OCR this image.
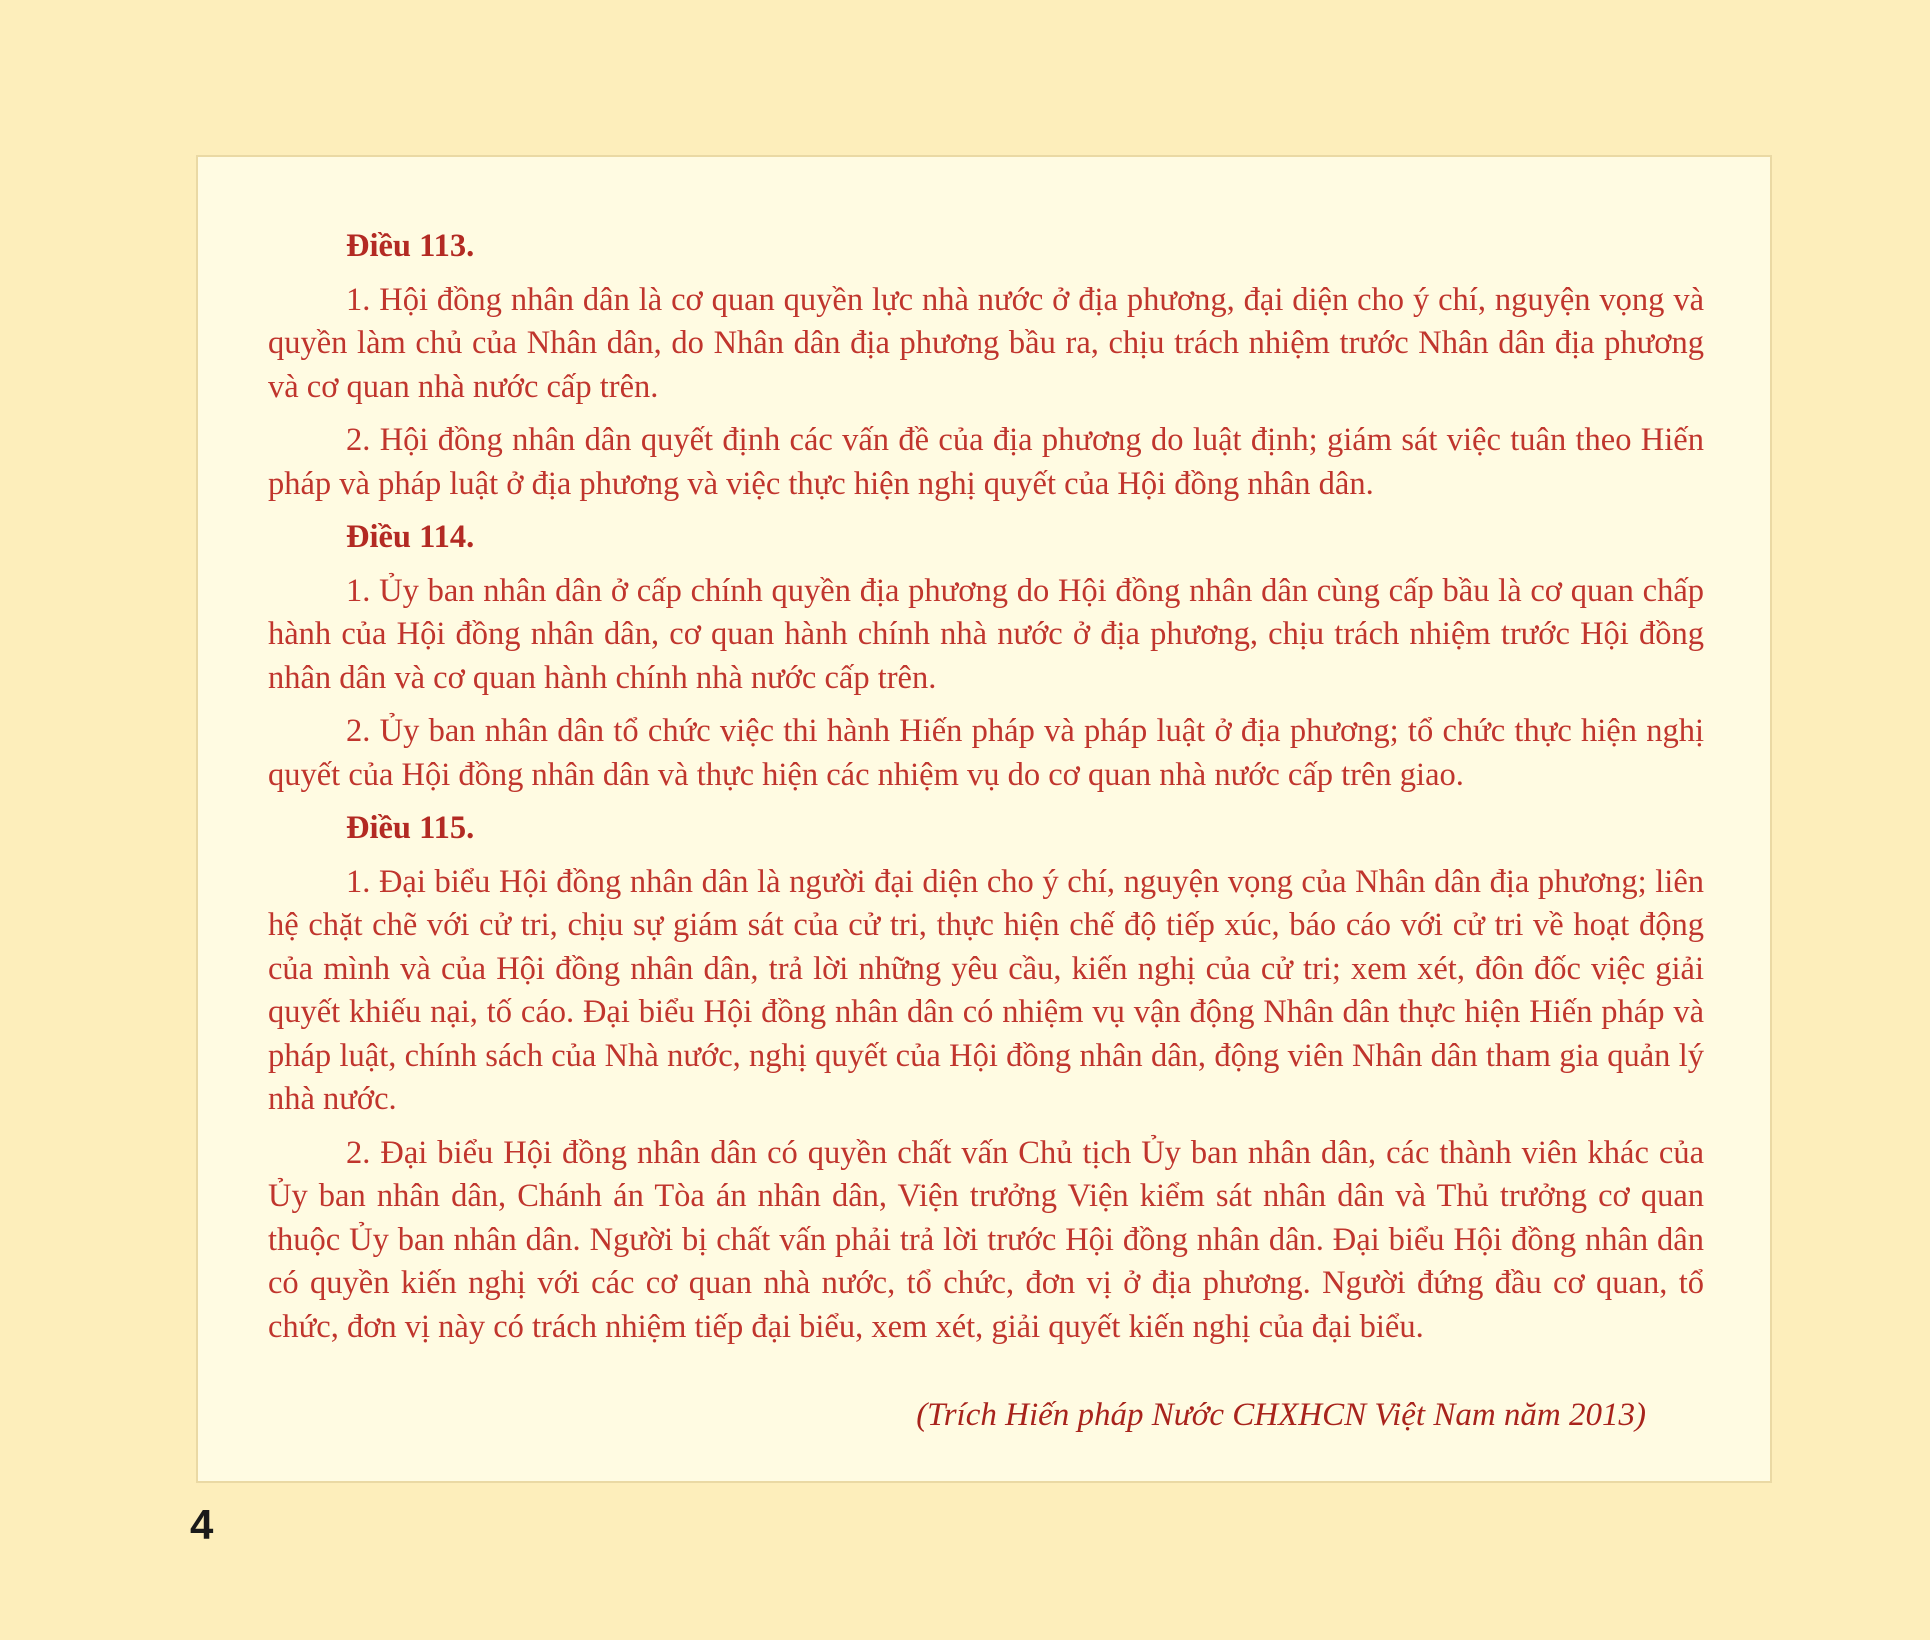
Điều 113.

1. Hội đồng nhân dân là cơ quan quyền lực nhà nước ở địa phương, đại diện cho ý chí, nguyện vọng và quyền làm chủ của Nhân dân, do Nhân dân địa phương bầu ra, chịu trách nhiệm trước Nhân dân địa phương và cơ quan nhà nước cấp trên.

2. Hội đồng nhân dân quyết định các vấn đề của địa phương do luật định; giám sát việc tuân theo Hiến pháp và pháp luật ở địa phương và việc thực hiện nghị quyết của Hội đồng nhân dân.

Điều 114.

1. Ủy ban nhân dân ở cấp chính quyền địa phương do Hội đồng nhân dân cùng cấp bầu là cơ quan chấp hành của Hội đồng nhân dân, cơ quan hành chính nhà nước ở địa phương, chịu trách nhiệm trước Hội đồng nhân dân và cơ quan hành chính nhà nước cấp trên.

2. Ủy ban nhân dân tổ chức việc thi hành Hiến pháp và pháp luật ở địa phương; tổ chức thực hiện nghị quyết của Hội đồng nhân dân và thực hiện các nhiệm vụ do cơ quan nhà nước cấp trên giao.

Điều 115.

1. Đại biểu Hội đồng nhân dân là người đại diện cho ý chí, nguyện vọng của Nhân dân địa phương; liên hệ chặt chẽ với cử tri, chịu sự giám sát của cử tri, thực hiện chế độ tiếp xúc, báo cáo với cử tri về hoạt động của mình và của Hội đồng nhân dân, trả lời những yêu cầu, kiến nghị của cử tri; xem xét, đôn đốc việc giải quyết khiếu nại, tố cáo. Đại biểu Hội đồng nhân dân có nhiệm vụ vận động Nhân dân thực hiện Hiến pháp và pháp luật, chính sách của Nhà nước, nghị quyết của Hội đồng nhân dân, động viên Nhân dân tham gia quản lý nhà nước.

2. Đại biểu Hội đồng nhân dân có quyền chất vấn Chủ tịch Ủy ban nhân dân, các thành viên khác của Ủy ban nhân dân, Chánh án Tòa án nhân dân, Viện trưởng Viện kiểm sát nhân dân và Thủ trưởng cơ quan thuộc Ủy ban nhân dân. Người bị chất vấn phải trả lời trước Hội đồng nhân dân. Đại biểu Hội đồng nhân dân có quyền kiến nghị với các cơ quan nhà nước, tổ chức, đơn vị ở địa phương. Người đứng đầu cơ quan, tổ chức, đơn vị này có trách nhiệm tiếp đại biểu, xem xét, giải quyết kiến nghị của đại biểu.

(Trích Hiến pháp Nước CHXHCN Việt Nam năm 2013)
4
